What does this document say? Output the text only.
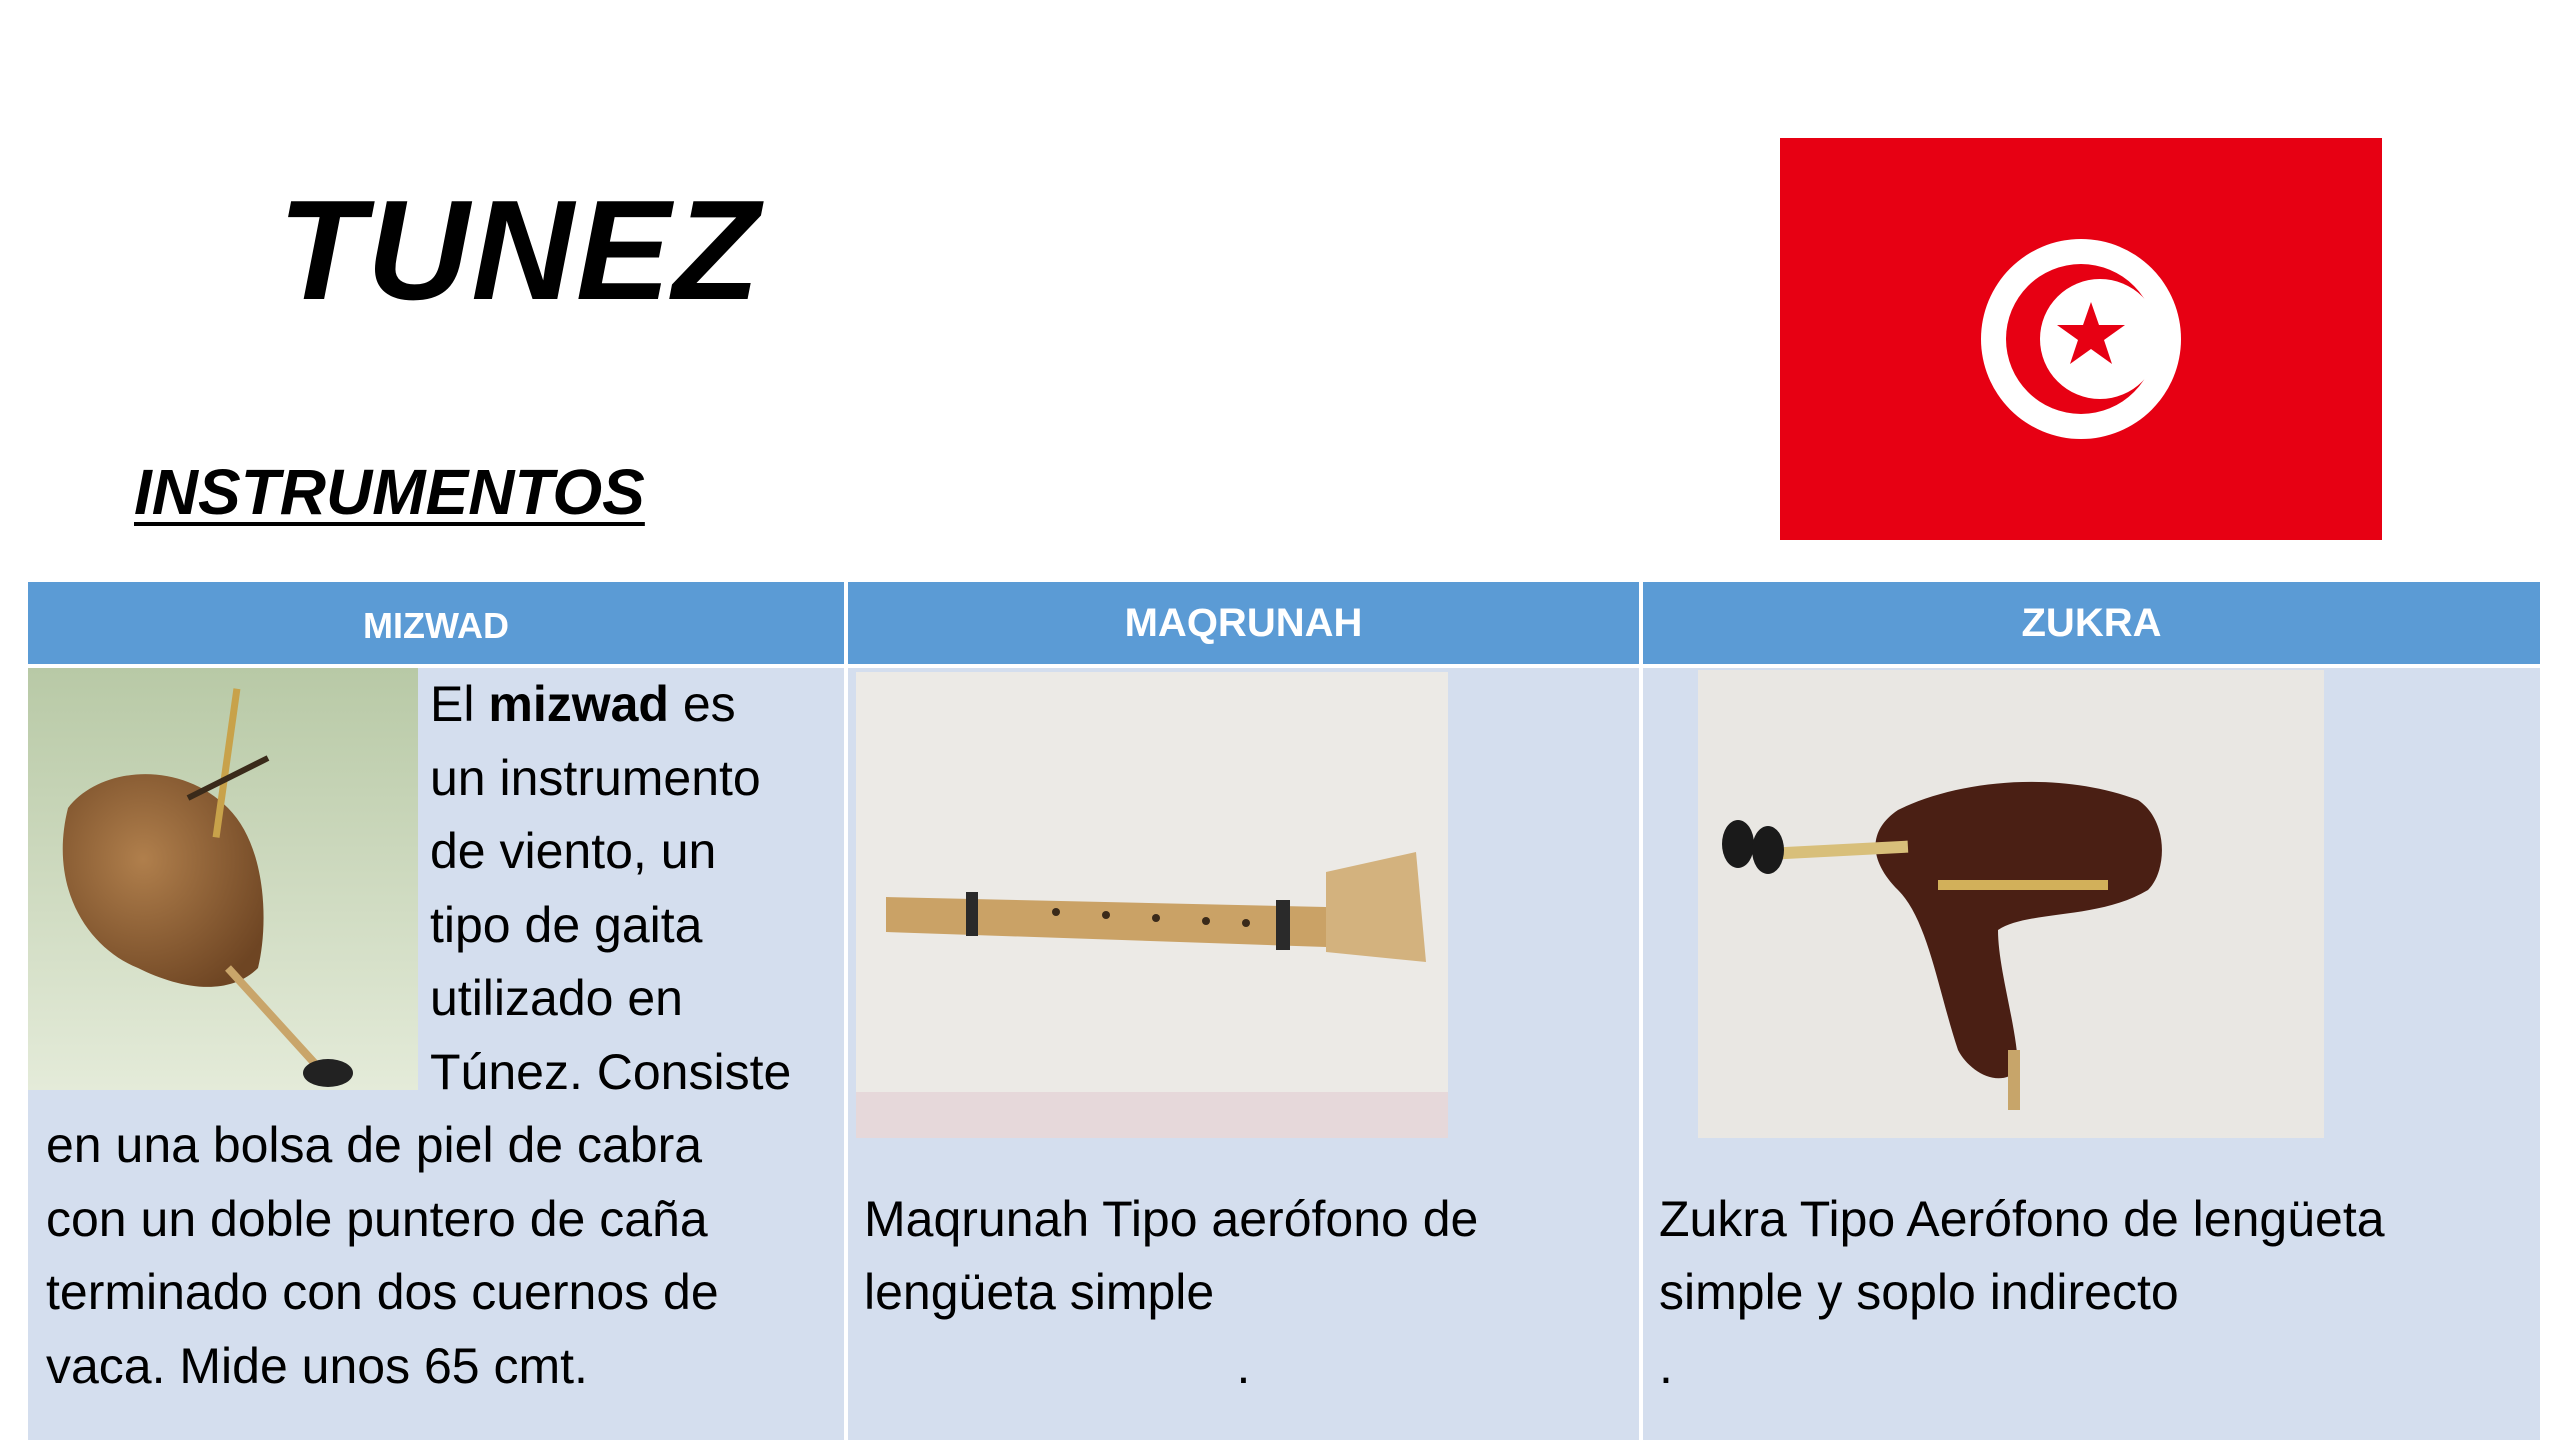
TUNEZ
INSTRUMENTOS
MIZWAD	MAQRUNAH	ZUKRA
El mizwad es
un instrumento
de viento, un
tipo de gaita
utilizado en
Túnez. Consiste
en una bolsa de piel de cabra
con un doble puntero de caña
terminado con dos cuernos de
vaca. Mide unos 65 cmt.
Maqrunah Tipo aerófono de
lengüeta simple
.
Zukra Tipo Aerófono de lengüeta
simple y soplo indirecto
.
